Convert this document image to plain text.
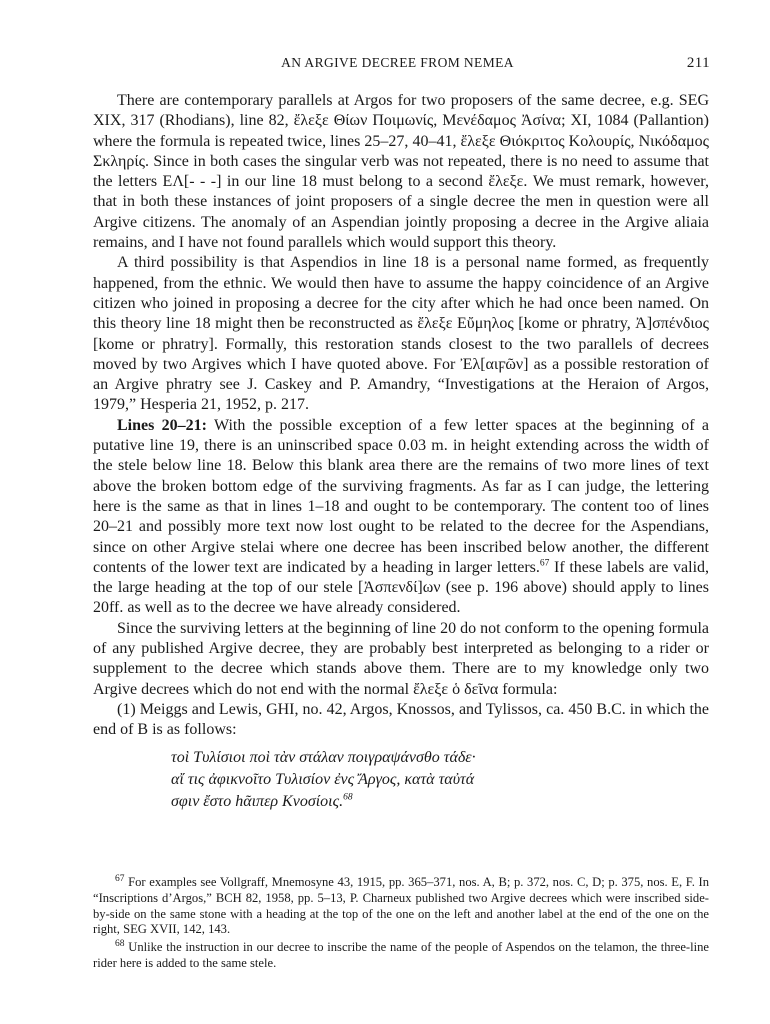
AN ARGIVE DECREE FROM NEMEA	211

There are contemporary parallels at Argos for two proposers of the same decree, e.g. SEG XIX, 317 (Rhodians), line 82, ἔλεξε Θίων Ποιμωνίς, Μενέδαμος Ἀσίνα; XI, 1084 (Pallantion) where the formula is repeated twice, lines 25–27, 40–41, ἔλεξε Θιόκριτος Κολουρίς, Νικόδαμος Σκληρίς. Since in both cases the singular verb was not repeated, there is no need to assume that the letters ΕΛ[- - -] in our line 18 must belong to a second ἔλεξε. We must remark, however, that in both these instances of joint proposers of a single decree the men in question were all Argive citizens. The anomaly of an Aspendian jointly proposing a decree in the Argive aliaia remains, and I have not found parallels which would support this theory.

A third possibility is that Aspendios in line 18 is a personal name formed, as frequently happened, from the ethnic. We would then have to assume the happy coincidence of an Argive citizen who joined in proposing a decree for the city after which he had once been named. On this theory line 18 might then be reconstructed as ἔλεξε Εὔμηλος [kome or phratry, Ἀ]σπένδιος [kome or phratry]. Formally, this restoration stands closest to the two parallels of decrees moved by two Argives which I have quoted above. For Ἐλ[αιϝῶν] as a possible restoration of an Argive phratry see J. Caskey and P. Amandry, “Investigations at the Heraion of Argos, 1979,” Hesperia 21, 1952, p. 217.

Lines 20–21: With the possible exception of a few letter spaces at the beginning of a putative line 19, there is an uninscribed space 0.03 m. in height extending across the width of the stele below line 18. Below this blank area there are the remains of two more lines of text above the broken bottom edge of the surviving fragments. As far as I can judge, the lettering here is the same as that in lines 1–18 and ought to be contemporary. The content too of lines 20–21 and possibly more text now lost ought to be related to the decree for the Aspendians, since on other Argive stelai where one decree has been inscribed below another, the different contents of the lower text are indicated by a heading in larger letters.$^{67}$ If these labels are valid, the large heading at the top of our stele [Ἀσπενδί]ων (see p. 196 above) should apply to lines 20ff. as well as to the decree we have already considered.

Since the surviving letters at the beginning of line 20 do not conform to the opening formula of any published Argive decree, they are probably best interpreted as belonging to a rider or supplement to the decree which stands above them. There are to my knowledge only two Argive decrees which do not end with the normal ἔλεξε ὁ δεῖνα formula:

(1) Meiggs and Lewis, GHI, no. 42, Argos, Knossos, and Tylissos, ca. 450 B.C. in which the end of B is as follows:

τοὶ Τυλίσιοι ποὶ τὰν στάλαν ποιγραψάνσθο τάδε·
αἴ τις ἀφικνοῖτο Τυλισίον ἐνς Ἄργος, κατὰ ταὐτά
σφιν ἔστο hᾶιπερ Κνοσίοις.$^{68}$

$^{67}$ For examples see Vollgraff, Mnemosyne 43, 1915, pp. 365–371, nos. A, B; p. 372, nos. C, D; p. 375, nos. E, F. In “Inscriptions d’Argos,” BCH 82, 1958, pp. 5–13, P. Charneux published two Argive decrees which were inscribed side-by-side on the same stone with a heading at the top of the one on the left and another label at the end of the one on the right, SEG XVII, 142, 143.

$^{68}$ Unlike the instruction in our decree to inscribe the name of the people of Aspendos on the telamon, the three-line rider here is added to the same stele.
